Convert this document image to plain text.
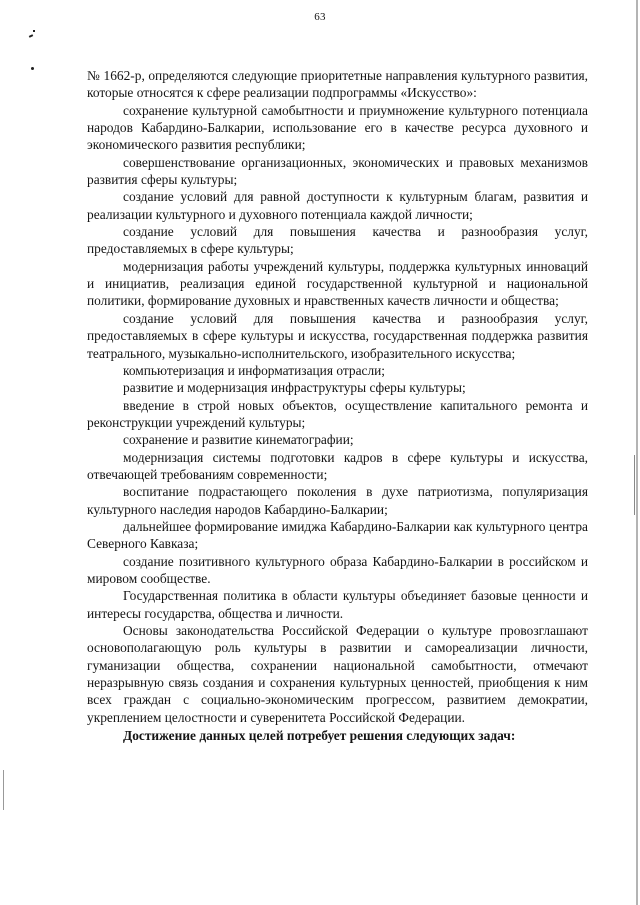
63

№ 1662-р, определяются следующие приоритетные направления культурного развития, которые относятся к сфере реализации подпрограммы «Искусство»:

сохранение культурной самобытности и приумножение культурного потенциала народов Кабардино-Балкарии, использование его в качестве ресурса духовного и экономического развития республики;

совершенствование организационных, экономических и правовых механизмов развития сферы культуры;

создание условий для равной доступности к культурным благам, развития и реализации культурного и духовного потенциала каждой личности;

создание условий для повышения качества и разнообразия услуг, предоставляемых в сфере культуры;

модернизация работы учреждений культуры, поддержка культурных инноваций и инициатив, реализация единой государственной культурной и национальной политики, формирование духовных и нравственных качеств личности и общества;

создание условий для повышения качества и разнообразия услуг, предоставляемых в сфере культуры и искусства, государственная поддержка развития театрального, музыкально-исполнительского, изобразительного искусства;

компьютеризация и информатизация отрасли;

развитие и модернизация инфраструктуры сферы культуры;

введение в строй новых объектов, осуществление капитального ремонта и реконструкции учреждений культуры;

сохранение и развитие кинематографии;

модернизация системы подготовки кадров в сфере культуры и искусства, отвечающей требованиям современности;

воспитание подрастающего поколения в духе патриотизма, популяризация культурного наследия народов Кабардино-Балкарии;

дальнейшее формирование имиджа Кабардино-Балкарии как культурного центра Северного Кавказа;

создание позитивного культурного образа Кабардино-Балкарии в российском и мировом сообществе.

Государственная политика в области культуры объединяет базовые ценности и интересы государства, общества и личности.

Основы законодательства Российской Федерации о культуре провозглашают основополагающую роль культуры в развитии и самореализации личности, гуманизации общества, сохранении национальной самобытности, отмечают неразрывную связь создания и сохранения культурных ценностей, приобщения к ним всех граждан с социально-экономическим прогрессом, развитием демократии, укреплением целостности и суверенитета Российской Федерации.

Достижение данных целей потребует решения следующих задач:
